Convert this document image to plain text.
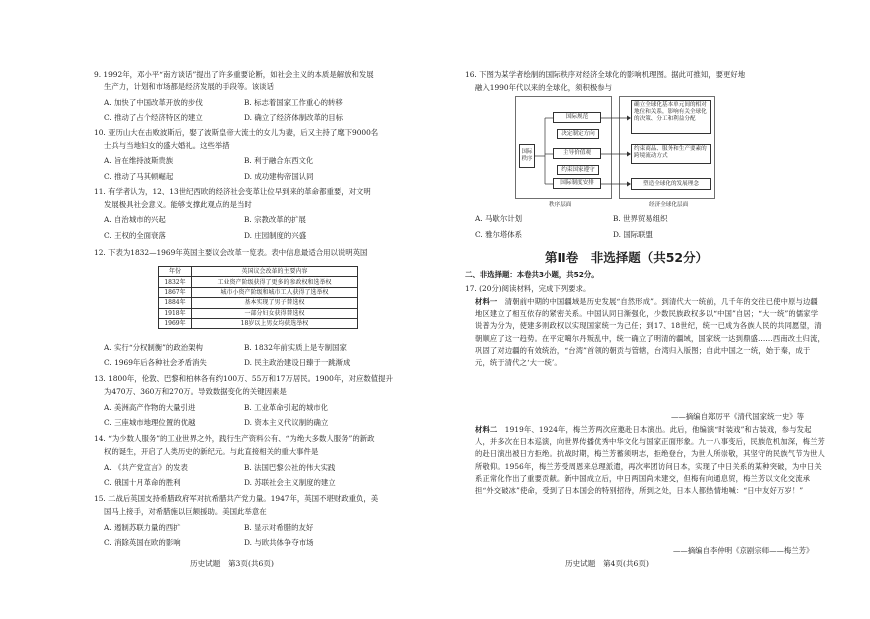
9. 1992年，邓小平“南方谈话”提出了许多重要论断，如社会主义的本质是解放和发展
生产力，计划和市场都是经济发展的手段等。该谈话
A. 加快了中国改革开放的步伐	B. 标志着国家工作重心的转移
C. 推动了占个经济特区的建立	D. 确立了经济体制改革的目标
10. 亚历山大在击败波斯后，娶了波斯皇帝大流士的女儿为妻，后又主持了麾下9000名
士兵与当地妇女的盛大婚礼。这些举措
A. 旨在维持波斯贵族	B. 利于融合东西文化
C. 推动了马其顿崛起	D. 成功建构帝国认同
11. 有学者认为，12、13世纪西欧的经济社会变革让位早到来的革命都重要，对文明
发展极具社会意义。能够支撑此观点的是当时
A. 自治城市的兴起	B. 宗教改革的扩展
C. 王权的全面衰落	D. 庄园制度的兴盛
12. 下表为1832—1969年英国主要议会改革一览表。表中信息最适合用以说明英国
年份	英国议会改革的主要内容
1832年	工业资产阶级获得了更多的参政权和选举权
1867年	城市小资产阶级和城市工人获得了选举权
1884年	基本实现了男子普选权
1918年	一部分妇女获得普选权
1969年	18岁以上男女均获选举权
A. 实行“分权制衡”的政治架构	B. 1832年前实质上是专制国家
C. 1969年后各种社会矛盾消失	D. 民主政治建设日臻于一跳渐成
13. 1800年，伦敦、巴黎和柏林各有约100万、55万和17万居民。1900年，对应数值提升
为470万、360万和270万。导致数据变化的关键因素是
A. 美洲高产作物的大量引进	B. 工业革命引起的城市化
C. 三座城市地理位置的优越	D. 资本主义代议制的确立
14. “为少数人服务”的工业世界之外，践行生产资料公有、“为绝大多数人服务”的新政
权的诞生，开启了人类历史的新纪元。与此直接相关的重大事件是
A. 《共产党宣言》的发表	B. 法国巴黎公社的伟大实践
C. 俄国十月革命的胜利	D. 苏联社会主义制度的建立
15. 二战后英国支持希腊政府军对抗希腊共产党力量。1947年，英国不堪财政重负，美
国马上接手，对希腊施以巨额援助。美国此举意在
A. 遏制苏联力量的西扩	B. 显示对希腊的友好
C. 消除英国在欧的影响	D. 与欧共体争夺市场
历史试题　第3页(共6页)
16. 下图为某学者绘制的国际秩序对经济全球化的影响机理图。据此可推知，要更好地
融入1990年代以来的全球化，须积极参与
A. 马歇尔计划	B. 世界贸易组织
C. 雅尔塔体系	D. 国际联盟
第Ⅱ卷　非选择题（共52分）
二、非选择题：本卷共3小题，共52分。
17. (20分)阅读材料，完成下列要求。
材料一　 清朝前中期的中国疆域是历史发展“自然形成”。到清代大一统前，几千年的交往已使中原与边疆地区建立了相互依存的紧密关系。中国认同日渐强化，少数民族政权多以“中国”自居；“大一统”的儒家学说普为分为，使建多则政权以实现国家统一为己任；到17、18世纪，统一已成为各族人民的共同愿望，清朝顺应了这一趋势。在平定噶尔丹叛乱中，统一确立了明清的疆域，国家统一达到鼎盛……西南改土归流，巩固了对边疆的有效统治，“台湾”首领的朝贡与管辖，台湾归入版图；自此中国之一统，始于秦，成于元，统于清代之‘大一统’。
——摘编自郑厉平《清代国家统一史》等
材料二　 1919年、1924年，梅兰芳两次应邀赴日本演出。此后，他编演“时装戏”和古装戏，参与发起人，并多次在日本巡演，向世界传播优秀中华文化与国家正面形象。九一八事变后，民族危机加深，梅兰芳的赴日演出被日方拒绝。抗战时期，梅兰芳蓄须明志，拒绝登台，为世人所崇敬，其坚守的民族气节为世人所敬仰。1956年，梅兰芳受周恩来总理派遣，再次率团访问日本，实现了中日关系的某种突破，为中日关系正常化作出了重要贡献。新中国成立后，中日两国尚未建交，但梅有向通息贸，梅兰芳以文化交流承担“外交破冰”使命，受到了日本国会的特别招待，所到之处，日本人都热情地喊：“日中友好万岁！”
——摘编自李仲明《京剧宗师——梅兰芳》
历史试题　第4页(共6页)
国际秩序
国际规范
决定制定方向
主导价值观
约束国家遵守
国际制度安排
确立全球化基本单元间的相对地位和关系，影响有关全球化的决策、分工和利益分配
约束商品、服务和生产要素的跨境流动方式
塑造全球化的发展理念
秩序层面	经济全球化层面
